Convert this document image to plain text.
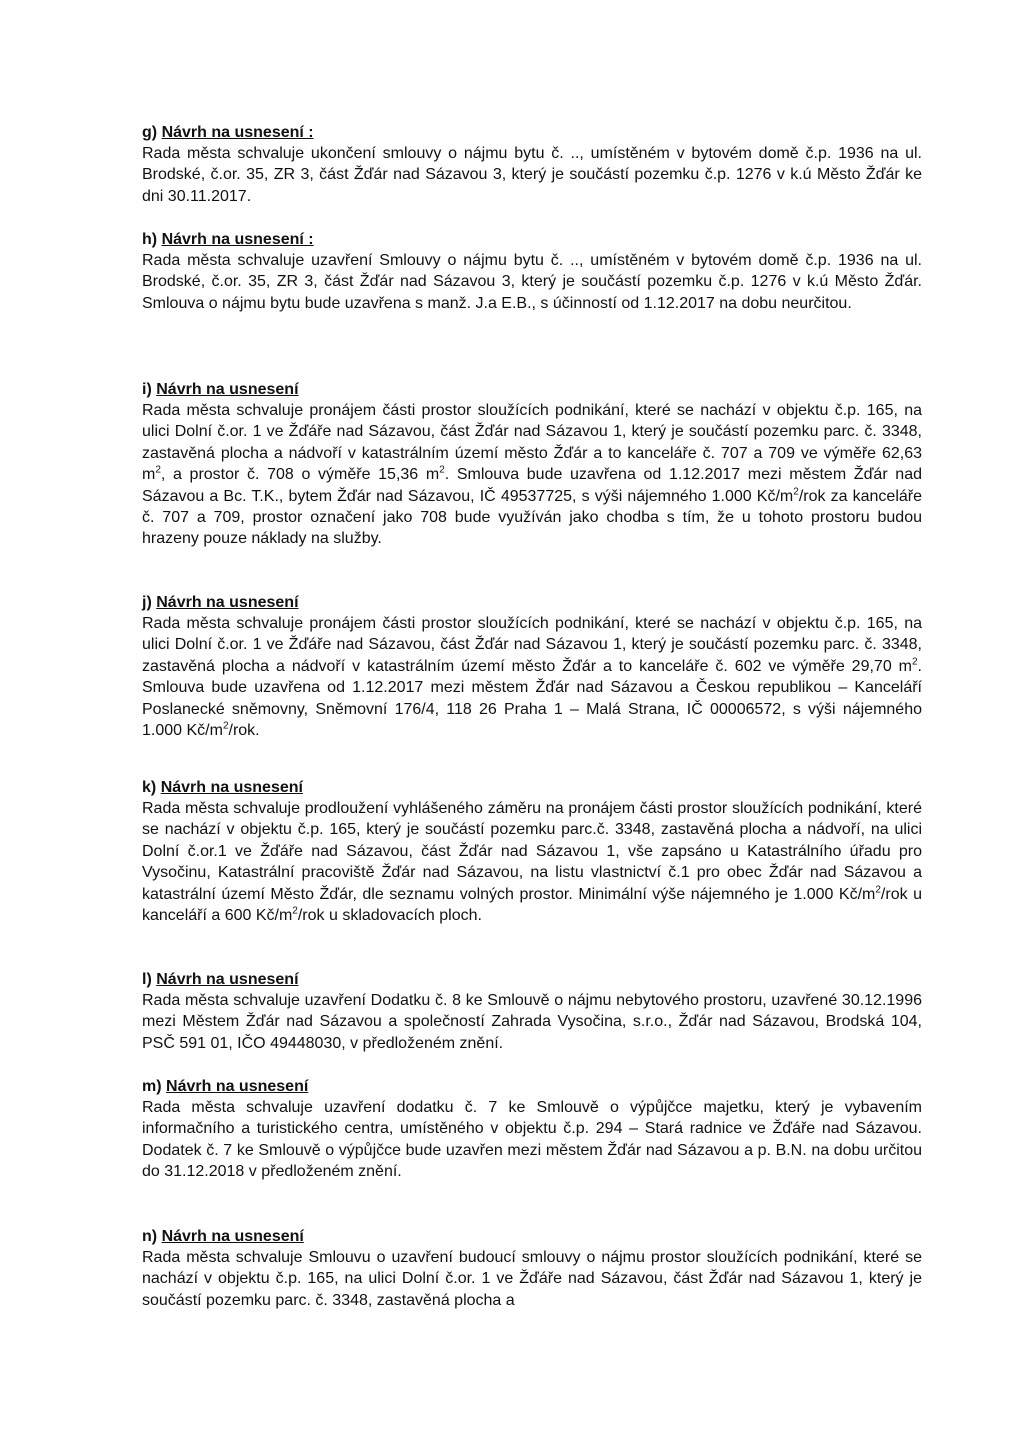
g) Návrh na usnesení :

Rada města schvaluje ukončení smlouvy o nájmu bytu č. .., umístěném v bytovém domě č.p. 1936 na ul. Brodské, č.or. 35, ZR 3, část Žďár nad Sázavou 3, který je součástí pozemku č.p. 1276 v k.ú Město Žďár ke dni 30.11.2017.

h) Návrh na usnesení :

Rada města schvaluje uzavření Smlouvy o nájmu bytu č. .., umístěném v bytovém domě č.p. 1936 na ul. Brodské, č.or. 35, ZR 3, část Žďár nad Sázavou 3, který je součástí pozemku č.p. 1276 v k.ú Město Žďár. Smlouva o nájmu bytu bude uzavřena s manž. J.a E.B., s účinností od 1.12.2017 na dobu neurčitou.

i) Návrh na usnesení

Rada města schvaluje pronájem části prostor sloužících podnikání, které se nachází v objektu č.p. 165, na ulici Dolní č.or. 1 ve Žďáře nad Sázavou, část Žďár nad Sázavou 1, který je součástí pozemku parc. č. 3348, zastavěná plocha a nádvoří v katastrálním území město Žďár a to kanceláře č. 707 a 709 ve výměře 62,63 $m^2$, a prostor č. 708 o výměře 15,36 $m^2$. Smlouva bude uzavřena od 1.12.2017 mezi městem Žďár nad Sázavou a Bc. T.K., bytem Žďár nad Sázavou, IČ 49537725, s výši nájemného 1.000 $Kč/m^2$/rok za kanceláře č. 707 a 709, prostor označení jako 708 bude využíván jako chodba s tím, že u tohoto prostoru budou hrazeny pouze náklady na služby.

j) Návrh na usnesení

Rada města schvaluje pronájem části prostor sloužících podnikání, které se nachází v objektu č.p. 165, na ulici Dolní č.or. 1 ve Žďáře nad Sázavou, část Žďár nad Sázavou 1, který je součástí pozemku parc. č. 3348, zastavěná plocha a nádvoří v katastrálním území město Žďár a to kanceláře č. 602 ve výměře 29,70 $m^2$. Smlouva bude uzavřena od 1.12.2017 mezi městem Žďár nad Sázavou a Českou republikou – Kanceláří Poslanecké sněmovny, Sněmovní 176/4, 118 26 Praha 1 – Malá Strana, IČ 00006572, s výši nájemného 1.000 $Kč/m^2$/rok.

k) Návrh na usnesení

Rada města schvaluje prodloužení vyhlášeného záměru na pronájem části prostor sloužících podnikání, které se nachází v objektu č.p. 165, který je součástí pozemku parc.č. 3348, zastavěná plocha a nádvoří, na ulici Dolní č.or.1 ve Žďáře nad Sázavou, část Žďár nad Sázavou 1, vše zapsáno u Katastrálního úřadu pro Vysočinu, Katastrální pracoviště Žďár nad Sázavou, na listu vlastnictví č.1 pro obec Žďár nad Sázavou a katastrální území Město Žďár, dle seznamu volných prostor. Minimální výše nájemného je 1.000 $Kč/m^2$/rok u kanceláří a 600 $Kč/m^2$/rok u skladovacích ploch.

l) Návrh na usnesení

Rada města schvaluje uzavření Dodatku č. 8 ke Smlouvě o nájmu nebytového prostoru, uzavřené 30.12.1996 mezi Městem Žďár nad Sázavou a společností Zahrada Vysočina, s.r.o., Žďár nad Sázavou, Brodská 104, PSČ 591 01, IČO 49448030, v předloženém znění.

m) Návrh na usnesení

Rada města schvaluje uzavření dodatku č. 7 ke Smlouvě o výpůjčce majetku, který je vybavením informačního a turistického centra, umístěného v objektu č.p. 294 – Stará radnice ve Žďáře nad Sázavou. Dodatek č. 7 ke Smlouvě o výpůjčce bude uzavřen mezi městem Žďár nad Sázavou a p. B.N. na dobu určitou do 31.12.2018 v předloženém znění.

n) Návrh na usnesení

Rada města schvaluje Smlouvu o uzavření budoucí smlouvy o nájmu prostor sloužících podnikání, které se nachází v objektu č.p. 165, na ulici Dolní č.or. 1 ve Žďáře nad Sázavou, část Žďár nad Sázavou 1, který je součástí pozemku parc. č. 3348, zastavěná plocha a
